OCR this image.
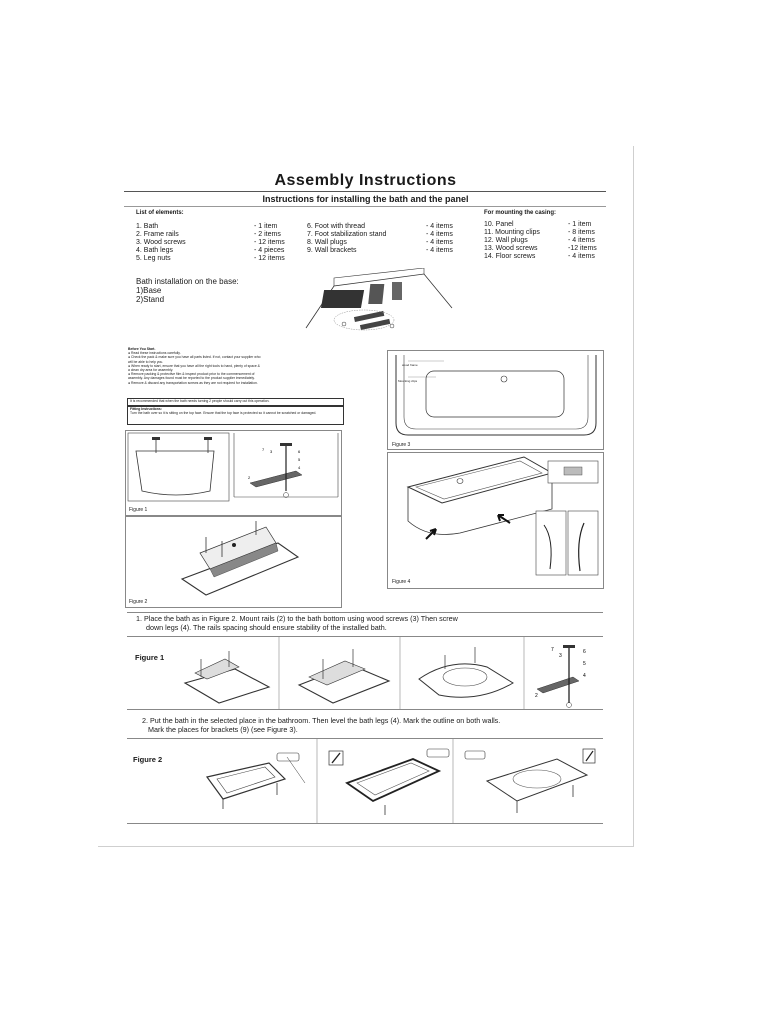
Assembly Instructions
Instructions for installing the bath and the panel
List of elements:	For mounting the casing:
1. Bath
2. Frame rails
3. Wood screws
4. Bath legs
5. Leg nuts
- 1 item
- 2 items
- 12 items
- 4 pieces
- 12 items
6. Foot with thread
7. Foot stabilization stand
8. Wall plugs
9. Wall brackets
- 4 items
- 4 items
- 4 items
- 4 items
10. Panel
11. Mounting clips
12. Wall plugs
13. Wood screws
14. Floor screws
- 1 item
- 8 items
- 4 items
-12 items
- 4 items
Bath installation on the base:
1)Base
2)Stand
Before You Start.
● Read these instructions carefully.
● Check the pack & make sure you have all parts listed. If not, contact your supplier who
will be able to help you.
● When ready to start, ensure that you have all the right tools to hand, plenty of space &
a clean dry area for assembly.
● Remove packing & protective film & inspect product prior to the commencement of
assembly. Any damages found must be reported to the product supplier immediately.
● Remove & discard any transportation screws as they are not required for installation.
It is recommended that when the bath needs turning 2 people should carry out this operation.
Fitting Instructions:
Turn the bath over so it is sitting on the top face. Ensure that the top face is protected so it cannot be scratched or damaged.
7 3	6
5
4
2
Figure 1
Figure 2
wood frame
Mounting clips
Figure 3
Figure 4
1. Place the bath as in Figure 2. Mount rails (2) to the bath bottom using wood screws (3) Then screw
down legs (4). The rails spacing should ensure stability of the installed bath.
Figure 1
7
3
6
5
4
2
2. Put the bath in the selected place in the bathroom. Then level the bath legs (4). Mark the outline on both walls.
Mark the places for brackets (9) (see Figure 3).
Figure 2
